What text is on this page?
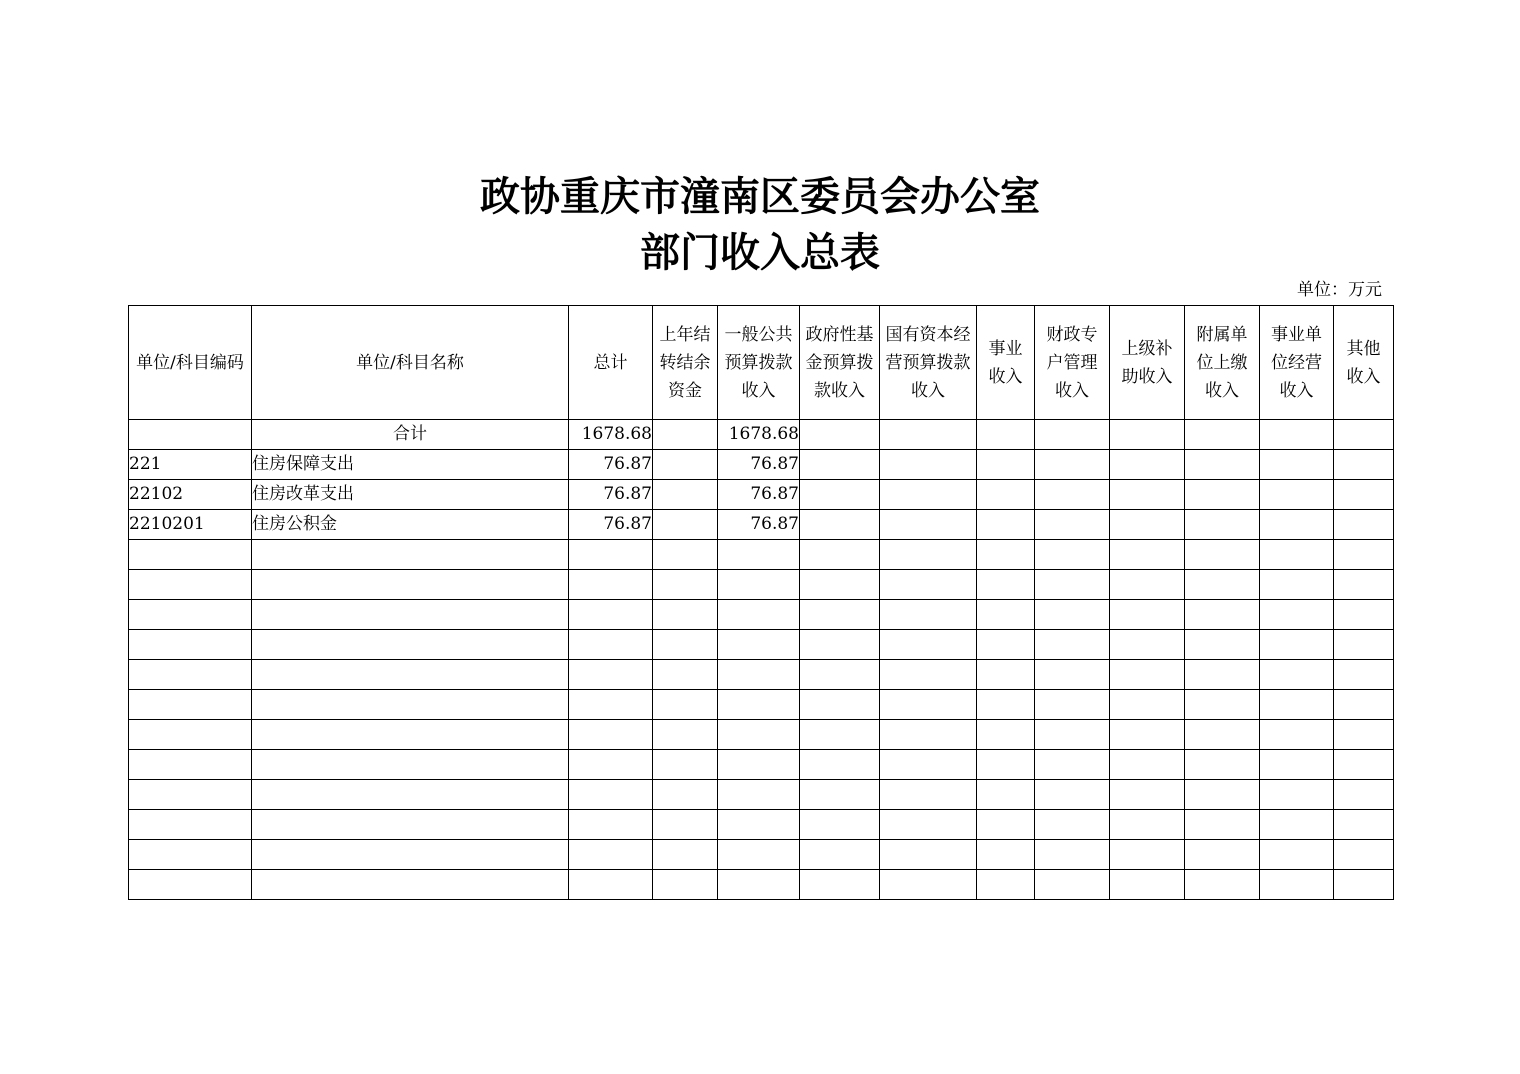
政协重庆市潼南区委员会办公室
部门收入总表
单位：万元
单位/科目编码	单位/科目名称	总计	上年结转结余资金	一般公共预算拨款收入	政府性基金预算拨款收入	国有资本经营预算拨款收入	事业收入	财政专户管理收入	上级补助收入	附属单位上缴收入	事业单位经营收入	其他收入
	合计	1678.68		1678.68								
221	住房保障支出	76.87		76.87								
22102	住房改革支出	76.87		76.87								
2210201	住房公积金	76.87		76.87								
